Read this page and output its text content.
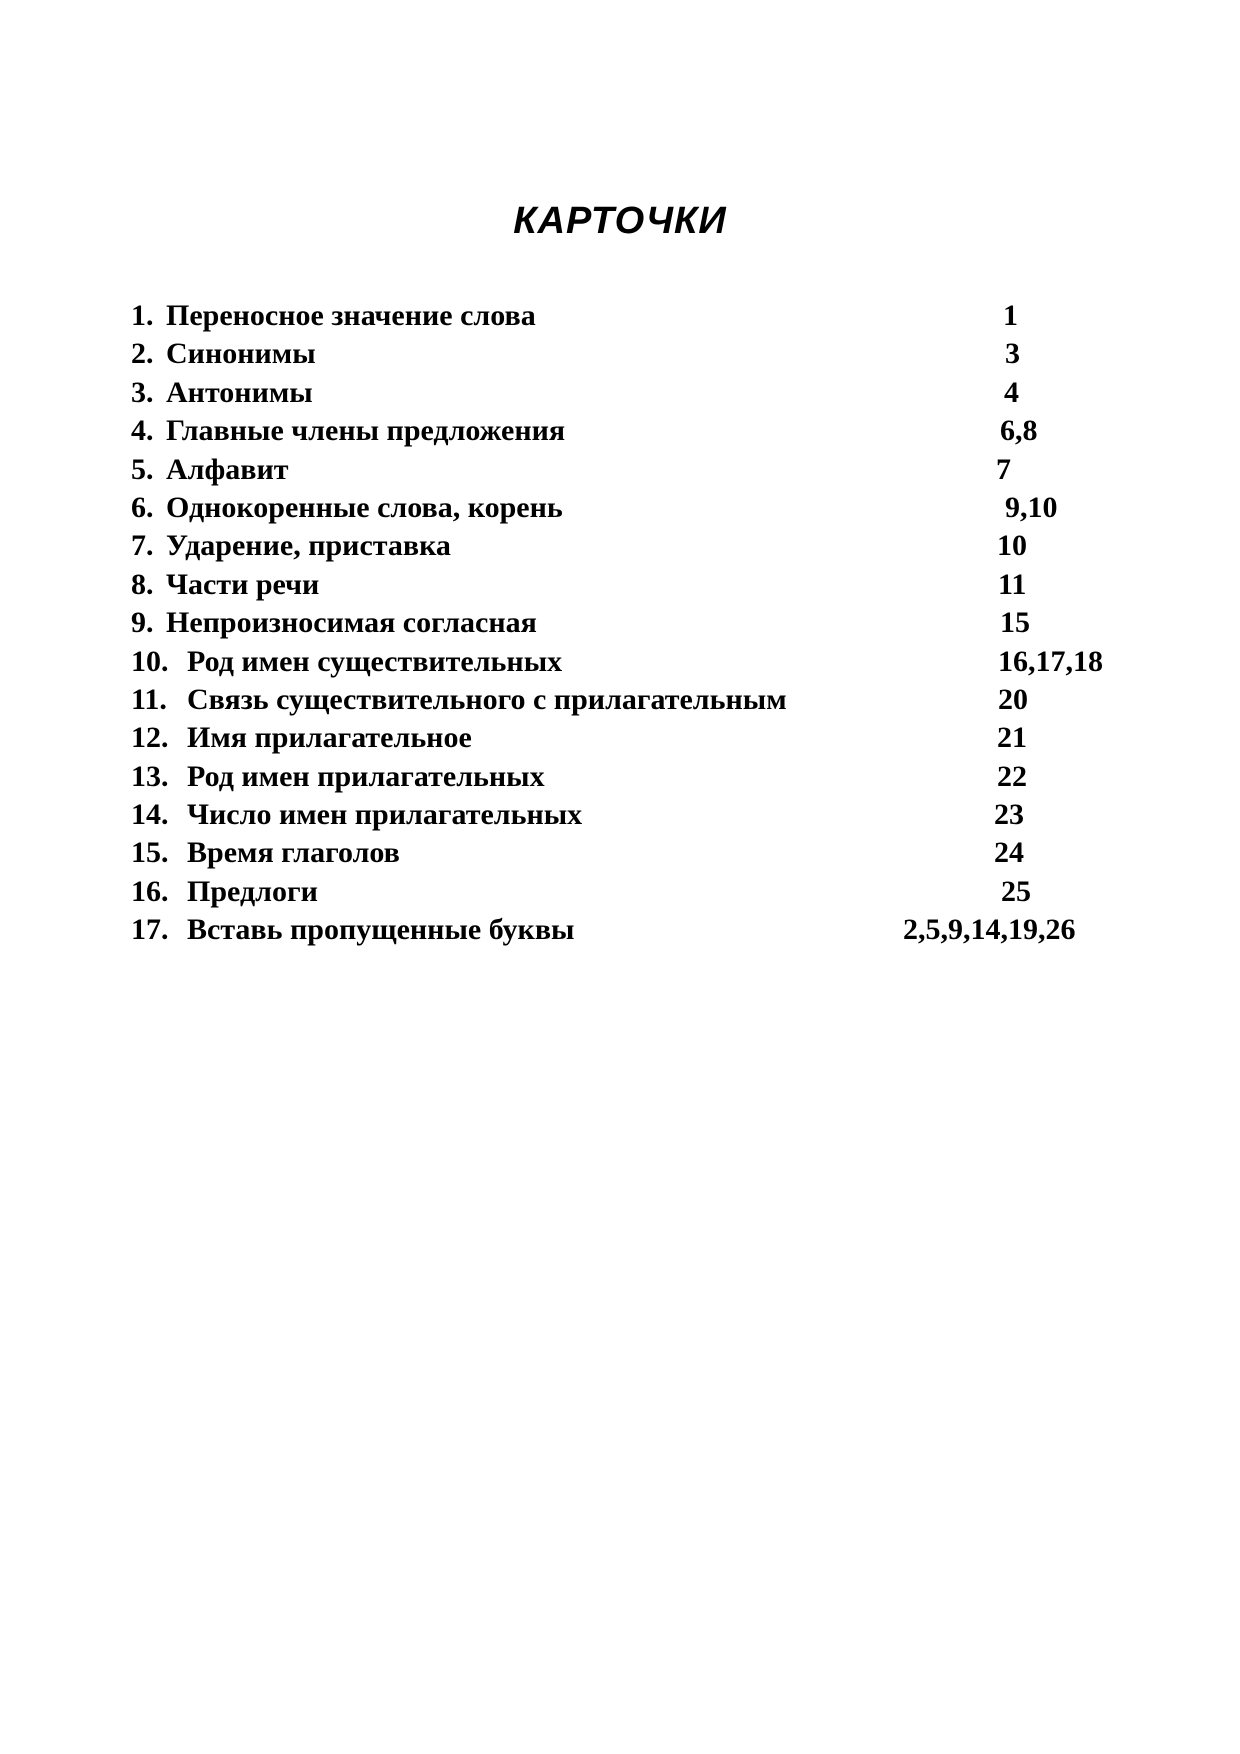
КАРТОЧКИ
1. Переносное значение слова	1
2. Синонимы	3
3. Антонимы	4
4. Главные члены предложения	6,8
5. Алфавит	7
6. Однокоренные слова, корень	9,10
7. Ударение, приставка	10
8. Части речи	11
9. Непроизносимая согласная	15
10. Род имен существительных	16,17,18
11. Связь существительного с прилагательным	20
12. Имя прилагательное	21
13. Род имен прилагательных	22
14. Число имен прилагательных	23
15. Время глаголов	24
16. Предлоги	25
17. Вставь пропущенные буквы	2,5,9,14,19,26
